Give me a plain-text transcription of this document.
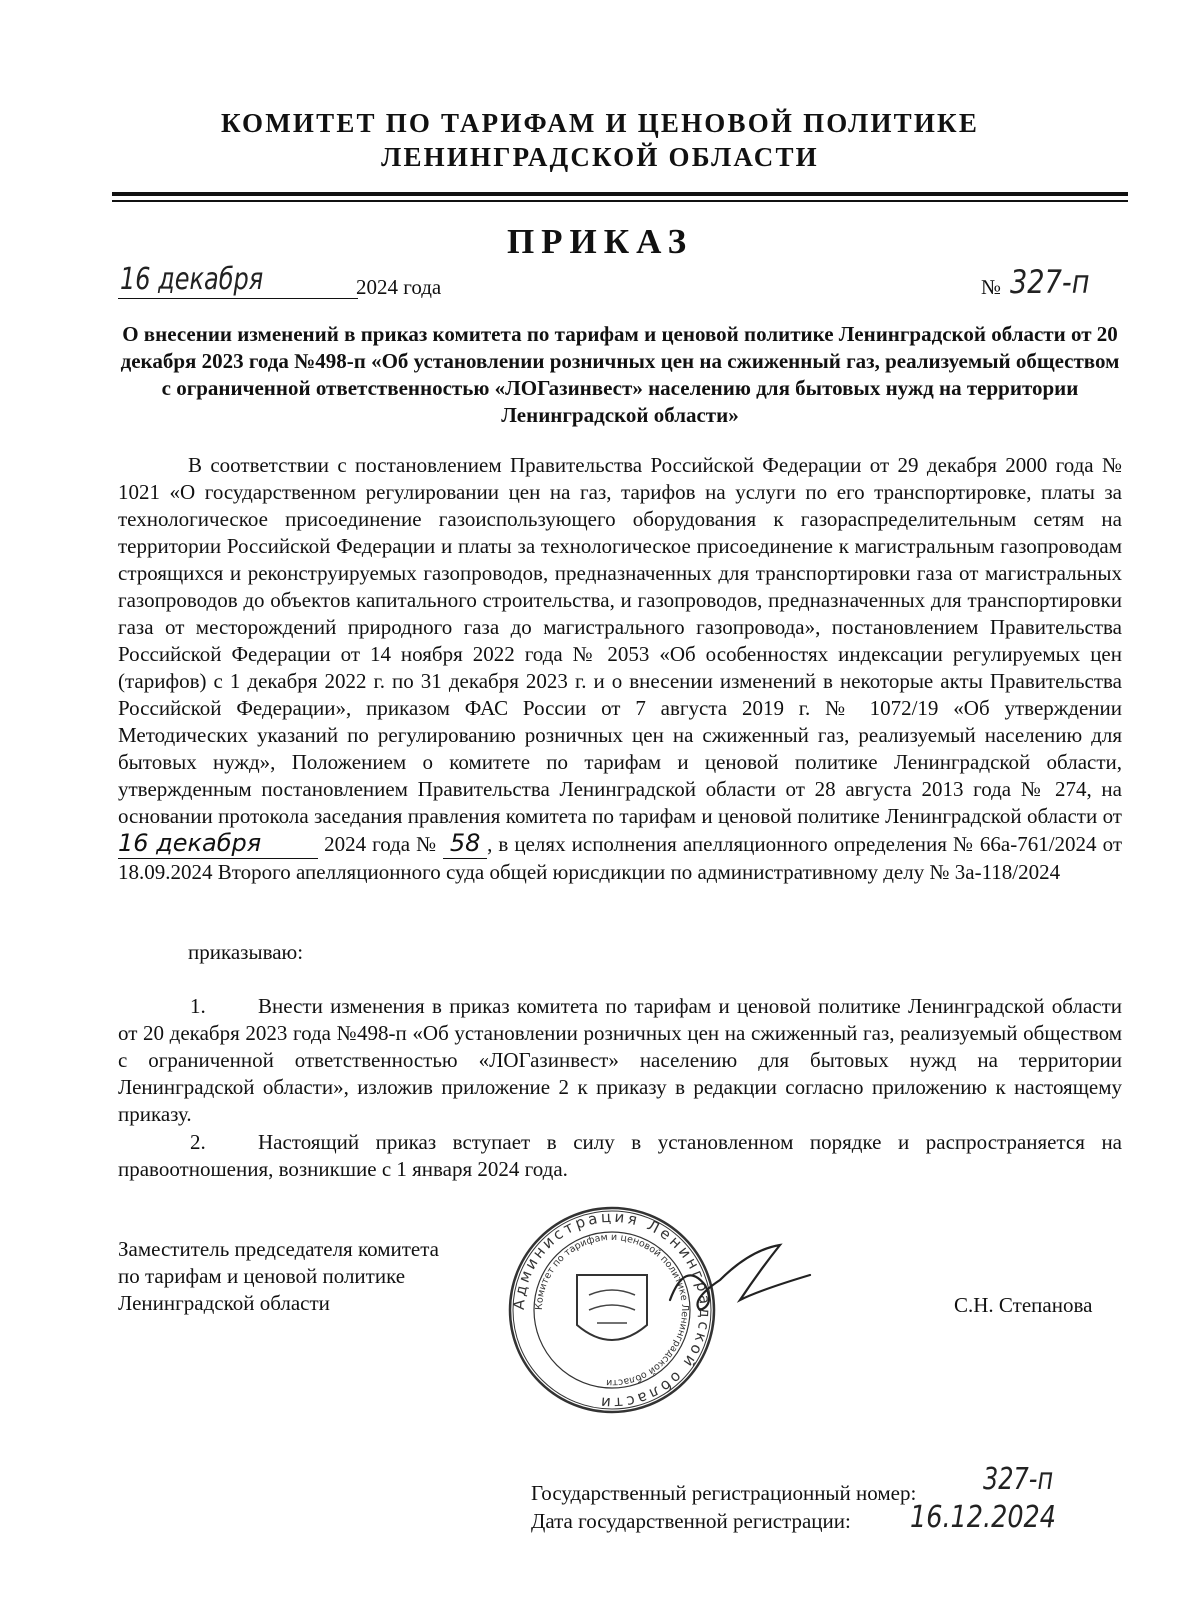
КОМИТЕТ ПО ТАРИФАМ И ЦЕНОВОЙ ПОЛИТИКЕ
ЛЕНИНГРАДСКОЙ ОБЛАСТИ
ПРИКАЗ
16 декабря	2024 года	№ 327-п
О внесении изменений в приказ комитета по тарифам и ценовой политике Ленинградской области от 20 декабря 2023 года №498-п «Об установлении розничных цен на сжиженный газ, реализуемый обществом с ограниченной ответственностью «ЛОГазинвест» населению для бытовых нужд на территории Ленинградской области»
В соответствии с постановлением Правительства Российской Федерации от 29 декабря 2000 года № 1021 «О государственном регулировании цен на газ, тарифов на услуги по его транспортировке, платы за технологическое присоединение газоиспользующего оборудования к газораспределительным сетям на территории Российской Федерации и платы за технологическое присоединение к магистральным газопроводам строящихся и реконструируемых газопроводов, предназначенных для транспортировки газа от магистральных газопроводов до объектов капитального строительства, и газопроводов, предназначенных для транспортировки газа от месторождений природного газа до магистрального газопровода», постановлением Правительства Российской Федерации от 14 ноября 2022 года № 2053 «Об особенностях индексации регулируемых цен (тарифов) с 1 декабря 2022 г. по 31 декабря 2023 г. и о внесении изменений в некоторые акты Правительства Российской Федерации», приказом ФАС России от 7 августа 2019 г. № 1072/19 «Об утверждении Методических указаний по регулированию розничных цен на сжиженный газ, реализуемый населению для бытовых нужд», Положением о комитете по тарифам и ценовой политике Ленинградской области, утвержденным постановлением Правительства Ленинградской области от 28 августа 2013 года № 274, на основании протокола заседания правления комитета по тарифам и ценовой политике Ленинградской области от 16 декабря	2024 года № 58 , в целях исполнения апелляционного определения № 66а-761/2024 от 18.09.2024 Второго апелляционного суда общей юрисдикции по административному делу № 3а-118/2024
приказываю:
1. Внести изменения в приказ комитета по тарифам и ценовой политике Ленинградской области от 20 декабря 2023 года №498-п «Об установлении розничных цен на сжиженный газ, реализуемый обществом с ограниченной ответственностью «ЛОГазинвест» населению для бытовых нужд на территории Ленинградской области», изложив приложение 2 к приказу в редакции согласно приложению к настоящему приказу.
2. Настоящий приказ вступает в силу в установленном порядке и распространяется на правоотношения, возникшие с 1 января 2024 года.
Заместитель председателя комитета
по тарифам и ценовой политике
Ленинградской области	Администрация Ленинградской области
Комитет по тарифам и ценовой политике Ленинградской области
С.Н. Степанова
Государственный регистрационный номер: 327-п
Дата государственной регистрации: 16.12.2024
